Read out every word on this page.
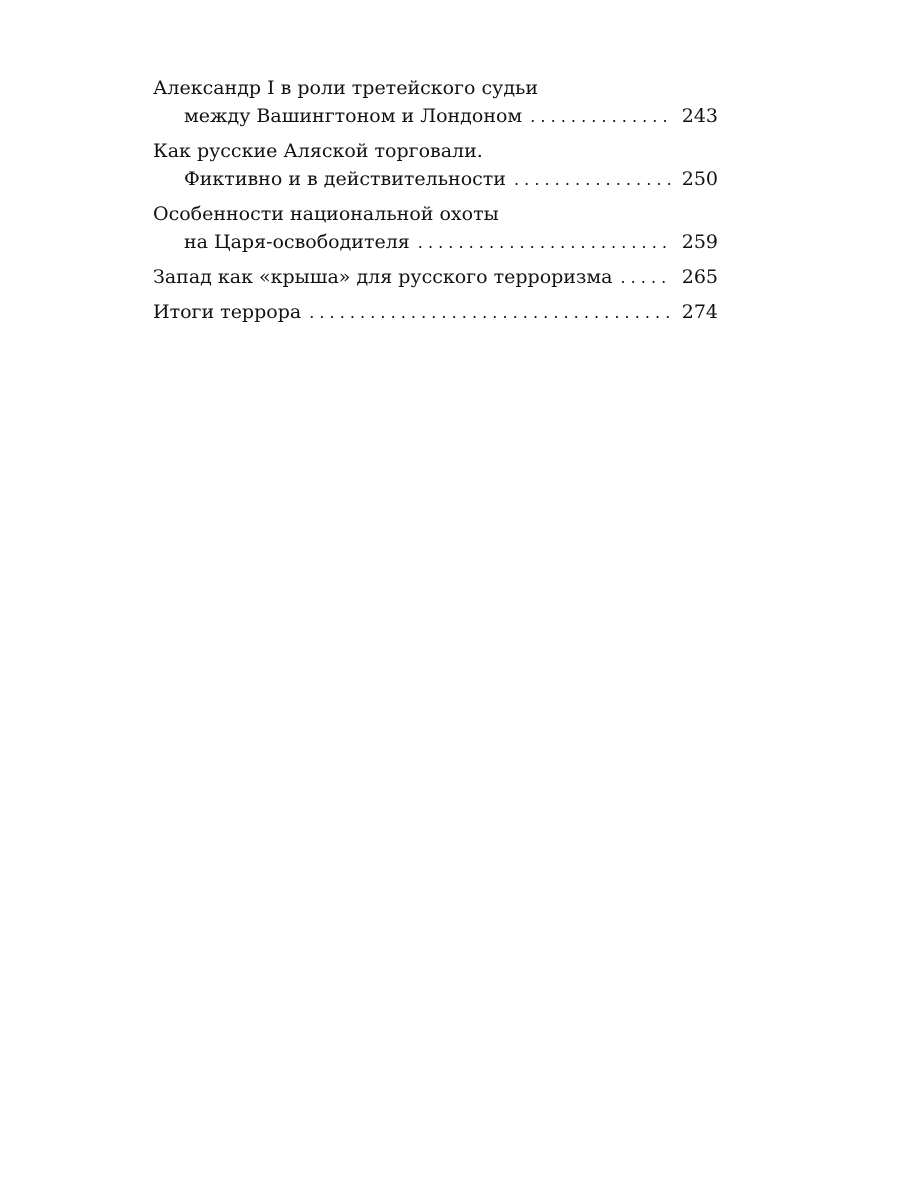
Александр I в роли третейского судьи
между Вашингтоном и Лондоном . . .	243
Как русские Аляской торговали.
Фиктивно и в действительности . . .	250
Особенности национальной охоты
на Царя-освободителя . . .	259
Запад как «крыша» для русского терроризма . . .	265
Итоги террора . . .	274
